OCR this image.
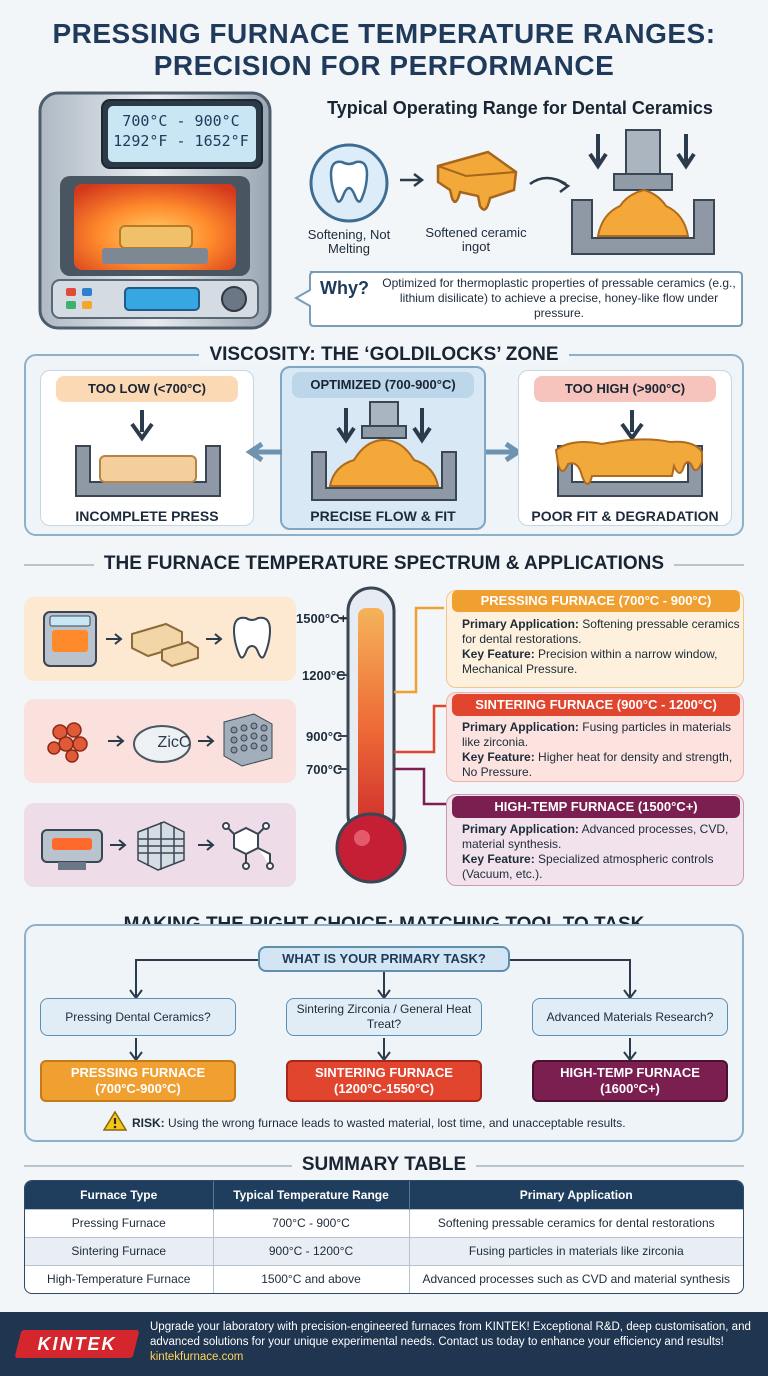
PRESSING FURNACE TEMPERATURE RANGES:
PRECISION FOR PERFORMANCE
700°C - 900°C
1292°F - 1652°F
Typical Operating Range for Dental Ceramics
Softening, Not Melting
Softened ceramic ingot
Why? Optimized for thermoplastic properties of pressable ceramics (e.g., lithium disilicate) to achieve a precise, honey-like flow under pressure.
VISCOSITY: THE ‘GOLDILOCKS’ ZONE
TOO LOW (<700°C)
INCOMPLETE PRESS
OPTIMIZED (700-900°C)
PRECISE FLOW & FIT
TOO HIGH (>900°C)
POOR FIT & DEGRADATION
THE FURNACE TEMPERATURE SPECTRUM & APPLICATIONS
ZicC
1500°C+
1200°C
900°C
700°C
PRESSING FURNACE (700°C - 900°C)
Primary Application: Softening pressable ceramics for dental restorations.
Key Feature: Precision within a narrow window, Mechanical Pressure.
SINTERING FURNACE (900°C - 1200°C)
Primary Application: Fusing particles in materials like zirconia.
Key Feature: Higher heat for density and strength, No Pressure.
HIGH-TEMP FURNACE (1500°C+)
Primary Application: Advanced processes, CVD, material synthesis.
Key Feature: Specialized atmospheric controls (Vacuum, etc.).
WHAT IS YOUR PRIMARY TASK?
Pressing Dental Ceramics?
Sintering Zirconia / General Heat Treat?
Advanced Materials Research?
PRESSING FURNACE
(700°C-900°C)
SINTERING FURNACE
(1200°C-1550°C)
HIGH-TEMP FURNACE
(1600°C+)
RISK: Using the wrong furnace leads to wasted material, lost time, and unacceptable results.
SUMMARY TABLE
Furnace Type	Typical Temperature Range	Primary Application
Pressing Furnace	700°C - 900°C	Softening pressable ceramics for dental restorations
Sintering Furnace	900°C - 1200°C	Fusing particles in materials like zirconia
High-Temperature Furnace	1500°C and above	Advanced processes such as CVD and material synthesis
KINTEK
Upgrade your laboratory with precision-engineered furnaces from KINTEK! Exceptional R&D, deep customisation, and advanced solutions for your unique experimental needs. Contact us today to enhance your efficiency and results! kintekfurnace.com
